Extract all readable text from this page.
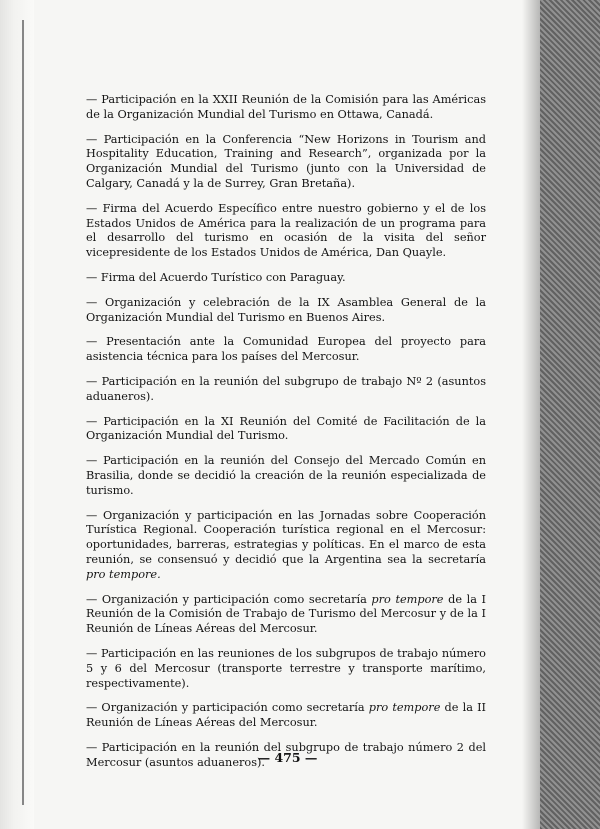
— Participación en la XXII Reunión de la Comisión para las Américas de la Organización Mundial del Turismo en Ottawa, Canadá.

— Participación en la Conferencia “New Horizons in Tourism and Hospitality Education, Training and Research”, organizada por la Organización Mundial del Turismo (junto con la Universidad de Calgary, Canadá y la de Surrey, Gran Bretaña).

— Firma del Acuerdo Específico entre nuestro gobierno y el de los Estados Unidos de América para la realización de un programa para el desarrollo del turismo en ocasión de la visita del señor vicepresidente de los Estados Unidos de América, Dan Quayle.

— Firma del Acuerdo Turístico con Paraguay.

— Organización y celebración de la IX Asamblea General de la Organización Mundial del Turismo en Buenos Aires.

— Presentación ante la Comunidad Europea del proyecto para asistencia técnica para los países del Mercosur.

— Participación en la reunión del subgrupo de trabajo Nº 2 (asuntos aduaneros).

— Participación en la XI Reunión del Comité de Facilitación de la Organización Mundial del Turismo.

— Participación en la reunión del Consejo del Mercado Común en Brasilia, donde se decidió la creación de la reunión especializada de turismo.

— Organización y participación en las Jornadas sobre Cooperación Turística Regional. Cooperación turística regional en el Mercosur: oportunidades, barreras, estrategias y políticas. En el marco de esta reunión, se consensuó y decidió que la Argentina sea la secretaría pro tempore.

— Organización y participación como secretaría pro tempore de la I Reunión de la Comisión de Trabajo de Turismo del Mercosur y de la I Reunión de Líneas Aéreas del Mercosur.

— Participación en las reuniones de los subgrupos de trabajo número 5 y 6 del Mercosur (transporte terrestre y transporte marítimo, respectivamente).

— Organización y participación como secretaría pro tempore de la II Reunión de Líneas Aéreas del Mercosur.

— Participación en la reunión del subgrupo de trabajo número 2 del Mercosur (asuntos aduaneros).

— 475 —
